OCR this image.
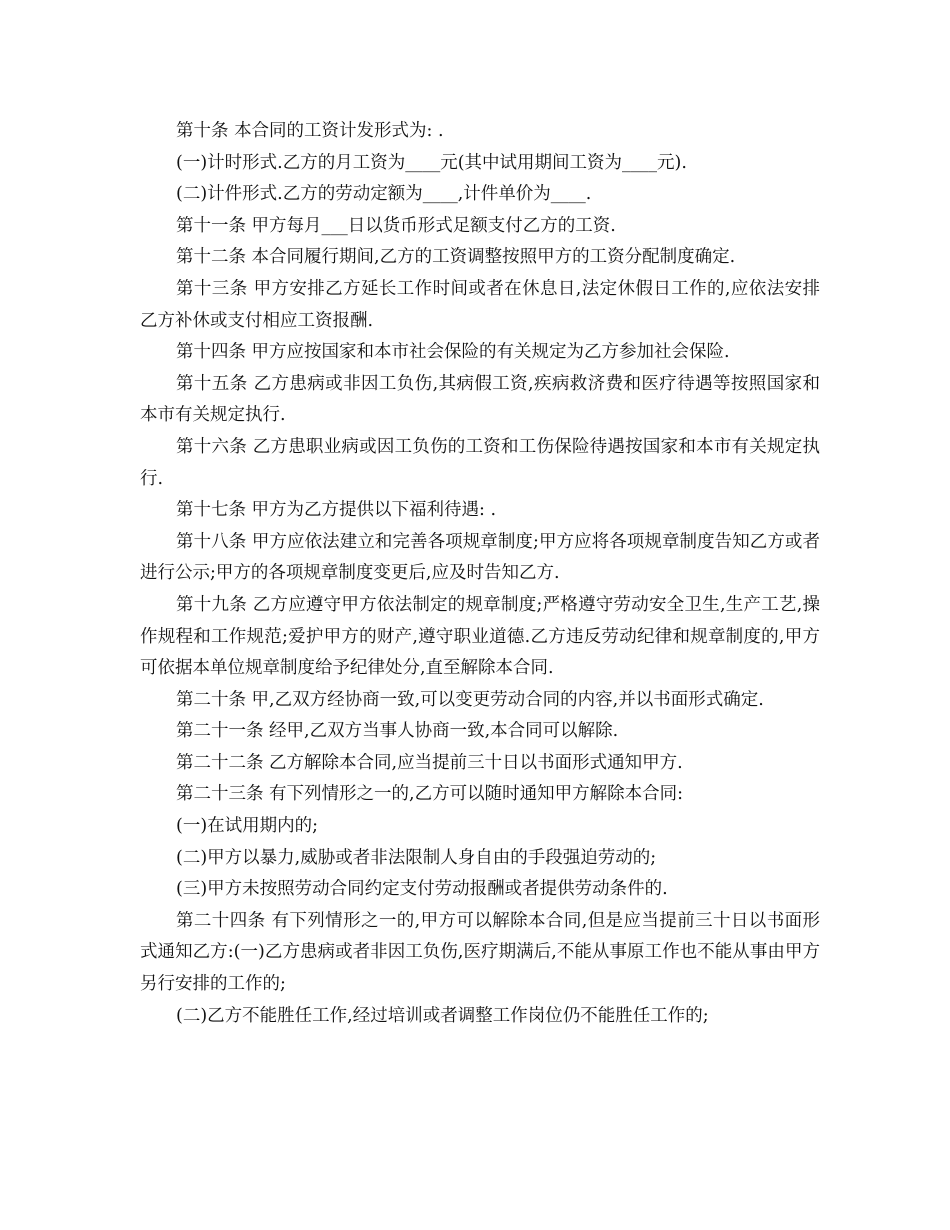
第十条 本合同的工资计发形式为: .

(一)计时形式.乙方的月工资为____元(其中试用期间工资为____元).

(二)计件形式.乙方的劳动定额为____,计件单价为____.

第十一条 甲方每月___日以货币形式足额支付乙方的工资.

第十二条 本合同履行期间,乙方的工资调整按照甲方的工资分配制度确定.

第十三条 甲方安排乙方延长工作时间或者在休息日,法定休假日工作的,应依法安排乙方补休或支付相应工资报酬.

第十四条 甲方应按国家和本市社会保险的有关规定为乙方参加社会保险.

第十五条 乙方患病或非因工负伤,其病假工资,疾病救济费和医疗待遇等按照国家和本市有关规定执行.

第十六条 乙方患职业病或因工负伤的工资和工伤保险待遇按国家和本市有关规定执行.

第十七条 甲方为乙方提供以下福利待遇: .

第十八条 甲方应依法建立和完善各项规章制度;甲方应将各项规章制度告知乙方或者进行公示;甲方的各项规章制度变更后,应及时告知乙方.

第十九条 乙方应遵守甲方依法制定的规章制度;严格遵守劳动安全卫生,生产工艺,操作规程和工作规范;爱护甲方的财产,遵守职业道德.乙方违反劳动纪律和规章制度的,甲方可依据本单位规章制度给予纪律处分,直至解除本合同.

第二十条 甲,乙双方经协商一致,可以变更劳动合同的内容,并以书面形式确定.

第二十一条 经甲,乙双方当事人协商一致,本合同可以解除.

第二十二条 乙方解除本合同,应当提前三十日以书面形式通知甲方.

第二十三条 有下列情形之一的,乙方可以随时通知甲方解除本合同:

(一)在试用期内的;

(二)甲方以暴力,威胁或者非法限制人身自由的手段强迫劳动的;

(三)甲方未按照劳动合同约定支付劳动报酬或者提供劳动条件的.

第二十四条 有下列情形之一的,甲方可以解除本合同,但是应当提前三十日以书面形式通知乙方:(一)乙方患病或者非因工负伤,医疗期满后,不能从事原工作也不能从事由甲方另行安排的工作的;

(二)乙方不能胜任工作,经过培训或者调整工作岗位仍不能胜任工作的;
